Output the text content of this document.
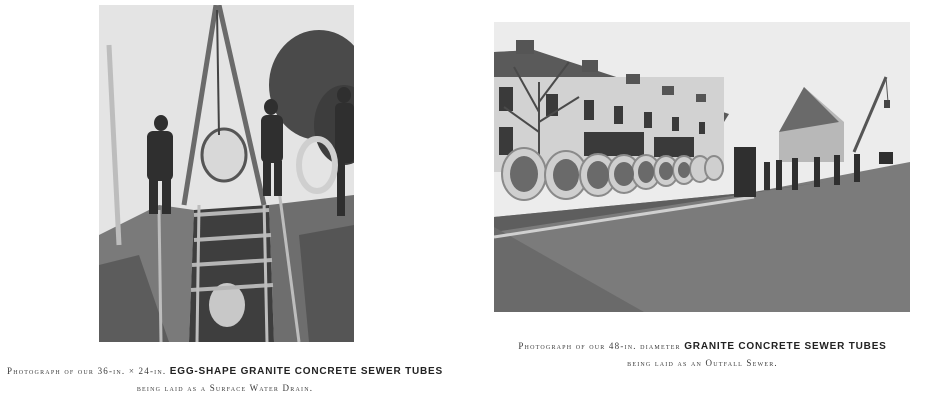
Photograph of our 36-in. × 24-in. EGG-SHAPE GRANITE CONCRETE SEWER TUBES
being laid as a Surface Water Drain.
Photograph of our 48-in. diameter GRANITE CONCRETE SEWER TUBES
being laid as an Outfall Sewer.
